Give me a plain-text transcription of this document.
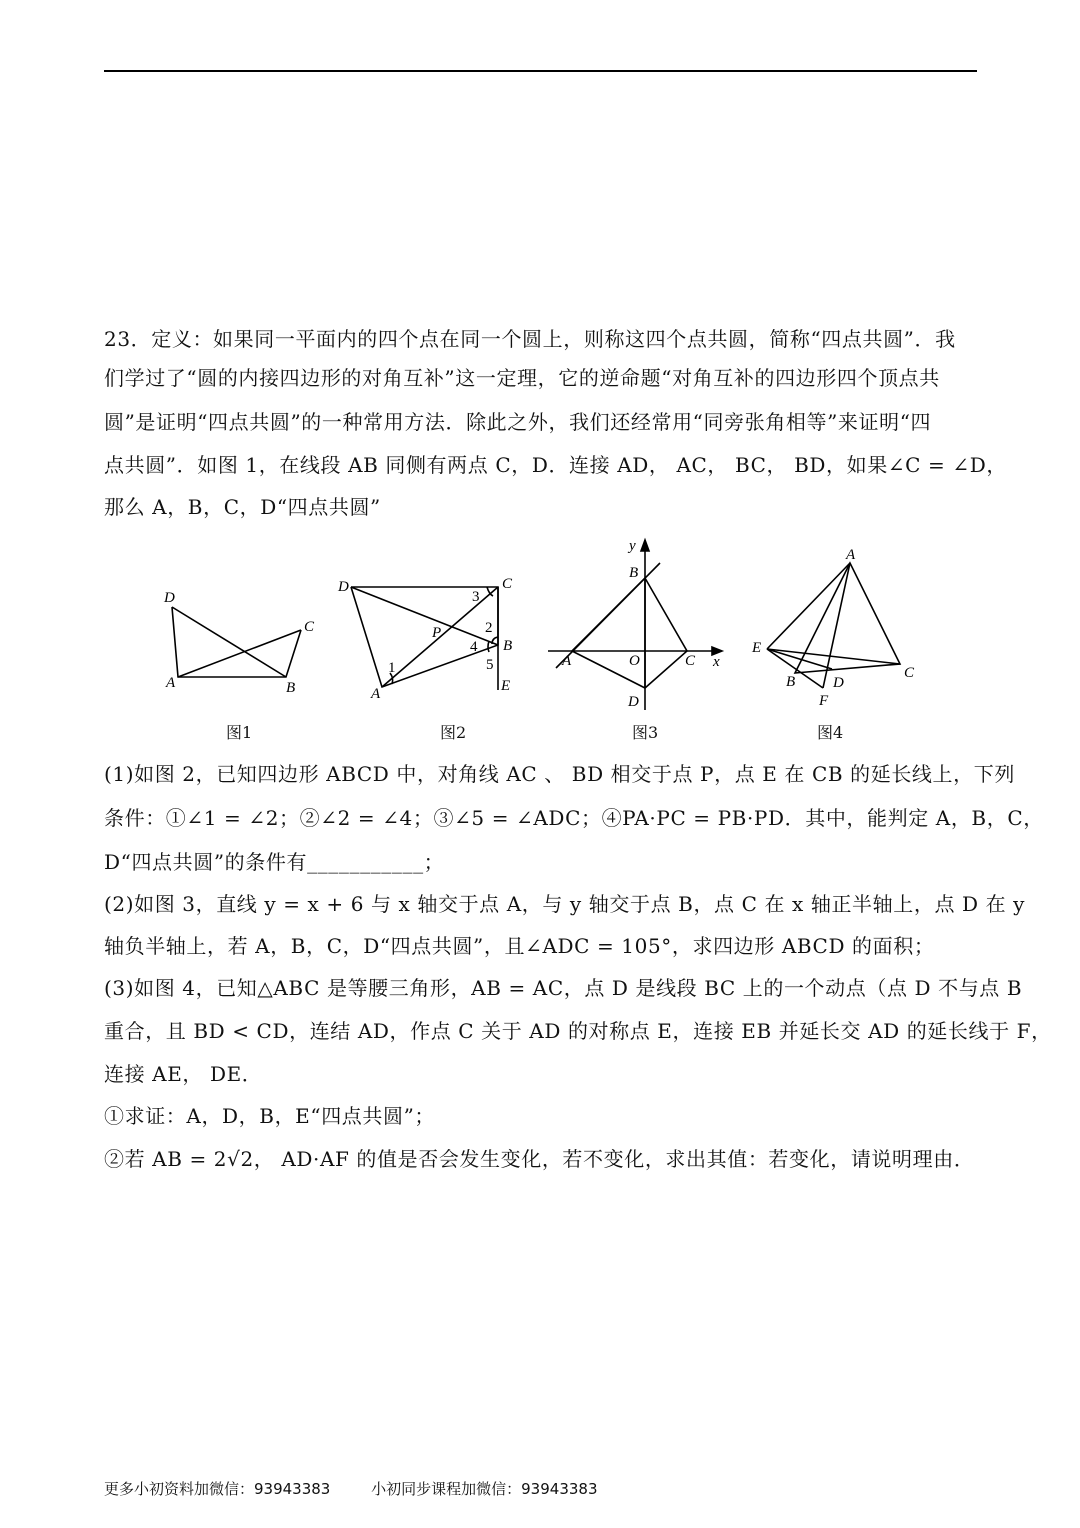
23．定义：如果同一平面内的四个点在同一个圆上，则称这四个点共圆，简称“四点共圆”．我
们学过了“圆的内接四边形的对角互补”这一定理，它的逆命题“对角互补的四边形四个顶点共
圆”是证明“四点共圆”的一种常用方法．除此之外，我们还经常用“同旁张角相等”来证明“四
点共圆”．如图 1，在线段 AB 同侧有两点 C，D．连接 AD， AC， BC， BD，如果∠C = ∠D，
那么 A，B，C，D“四点共圆”
D
C
A	B
D	C
3
P	2
4 B
1	5
A	E
y
B
A	O	C x
D
A
E
B	D
F
C
图1	图2	图3	图4
(1)如图 2，已知四边形 ABCD 中，对角线 AC 、 BD 相交于点 P，点 E 在 CB 的延长线上，下列
条件：①∠1 = ∠2；②∠2 = ∠4；③∠5 = ∠ADC；④PA·PC = PB·PD．其中，能判定 A，B，C，
D“四点共圆”的条件有___________；
(2)如图 3，直线 y = x + 6 与 x 轴交于点 A，与 y 轴交于点 B，点 C 在 x 轴正半轴上，点 D 在 y
轴负半轴上，若 A，B，C，D“四点共圆”，且∠ADC = 105°，求四边形 ABCD 的面积；
(3)如图 4，已知△ABC 是等腰三角形，AB = AC，点 D 是线段 BC 上的一个动点（点 D 不与点 B
重合，且 BD < CD，连结 AD，作点 C 关于 AD 的对称点 E，连接 EB 并延长交 AD 的延长线于 F，
连接 AE， DE．
①求证：A，D，B，E“四点共圆”；
②若 AB = 2√2， AD·AF 的值是否会发生变化，若不变化，求出其值：若变化，请说明理由．
更多小初资料加微信：93943383	小初同步课程加微信：93943383
